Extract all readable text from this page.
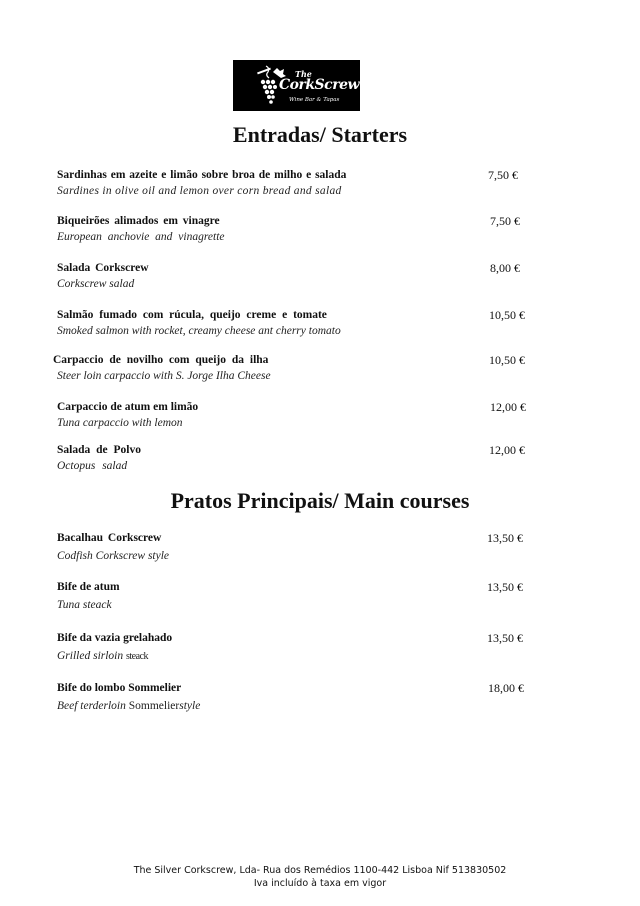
The
CorkScrew
Wine Bar & Tapas
Entradas/ Starters
Sardinhas em azeite e limão sobre broa de milho e salada
Sardines in olive oil and lemon over corn bread and salad
7,50 €
Biqueirões alimados em vinagre
European anchovie and vinagrette
7,50 €
Salada Corkscrew
Corkscrew salad
8,00 €
Salmão fumado com rúcula, queijo creme e tomate
Smoked salmon with rocket, creamy cheese ant cherry tomato
10,50 €
Carpaccio de novilho com queijo da ilha
Steer loin carpaccio with S. Jorge Ilha Cheese
10,50 €
Carpaccio de atum em limão
Tuna carpaccio with lemon
12,00 €
Salada de Polvo
Octopus salad
12,00 €
Pratos Principais/ Main courses
Bacalhau Corkscrew
Codfish Corkscrew style
13,50 €
Bife de atum
Tuna steack
13,50 €
Bife da vazia grelahado
Grilled sirloin steack
13,50 €
Bife do lombo Sommelier
Beef terderloin Sommelierstyle
18,00 €
The Silver Corkscrew, Lda- Rua dos Remédios 1100-442 Lisboa Nif 513830502
Iva incluído à taxa em vigor
